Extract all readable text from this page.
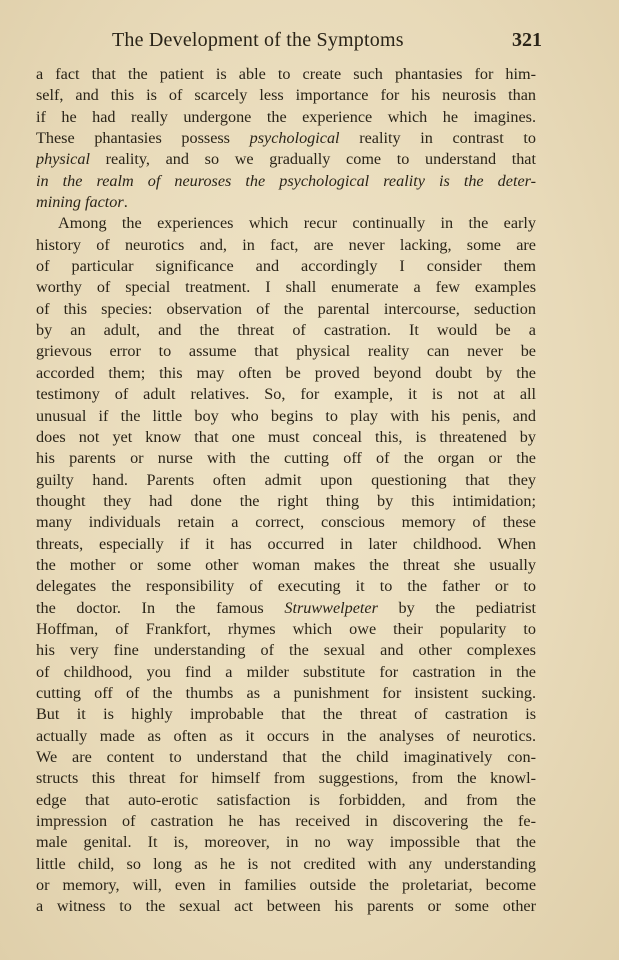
The Development of the Symptoms	321
a fact that the patient is able to create such phantasies for him-
self, and this is of scarcely less importance for his neurosis than
if he had really undergone the experience which he imagines.
These phantasies possess psychological reality in contrast to
physical reality, and so we gradually come to understand that
in the realm of neuroses the psychological reality is the deter-
mining factor.
Among the experiences which recur continually in the early
history of neurotics and, in fact, are never lacking, some are
of particular significance and accordingly I consider them
worthy of special treatment. I shall enumerate a few examples
of this species: observation of the parental intercourse, seduction
by an adult, and the threat of castration. It would be a
grievous error to assume that physical reality can never be
accorded them; this may often be proved beyond doubt by the
testimony of adult relatives. So, for example, it is not at all
unusual if the little boy who begins to play with his penis, and
does not yet know that one must conceal this, is threatened by
his parents or nurse with the cutting off of the organ or the
guilty hand. Parents often admit upon questioning that they
thought they had done the right thing by this intimidation;
many individuals retain a correct, conscious memory of these
threats, especially if it has occurred in later childhood. When
the mother or some other woman makes the threat she usually
delegates the responsibility of executing it to the father or to
the doctor. In the famous Struwwelpeter by the pediatrist
Hoffman, of Frankfort, rhymes which owe their popularity to
his very fine understanding of the sexual and other complexes
of childhood, you find a milder substitute for castration in the
cutting off of the thumbs as a punishment for insistent sucking.
But it is highly improbable that the threat of castration is
actually made as often as it occurs in the analyses of neurotics.
We are content to understand that the child imaginatively con-
structs this threat for himself from suggestions, from the knowl-
edge that auto-erotic satisfaction is forbidden, and from the
impression of castration he has received in discovering the fe-
male genital. It is, moreover, in no way impossible that the
little child, so long as he is not credited with any understanding
or memory, will, even in families outside the proletariat, become
a witness to the sexual act between his parents or some other
